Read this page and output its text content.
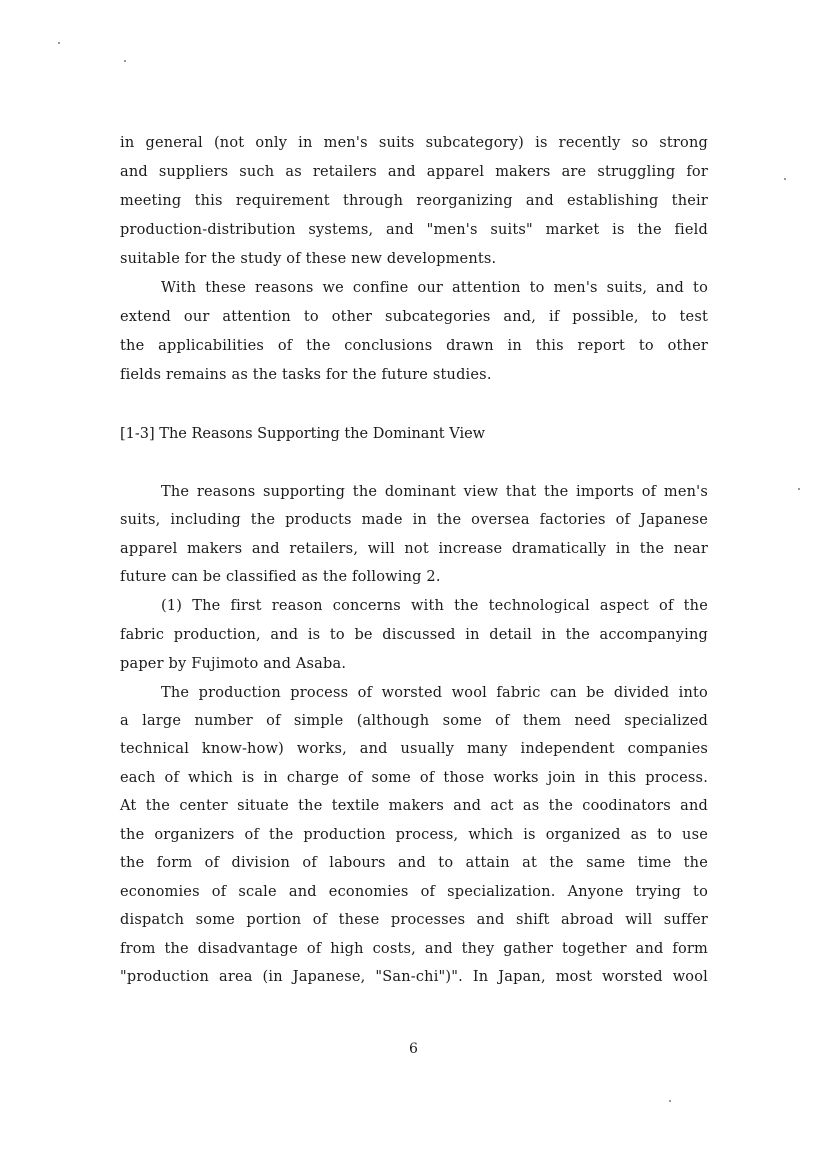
in general (not only in men's suits subcategory) is recently so strong
and suppliers such as retailers and apparel makers are struggling for
meeting this requirement through reorganizing and establishing their
production-distribution systems, and "men's suits" market is the field
suitable for the study of these new developments.
With these reasons we confine our attention to men's suits, and to
extend our attention to other subcategories and, if possible, to test
the applicabilities of the conclusions drawn in this report to other
fields remains as the tasks for the future studies.
[1-3] The Reasons Supporting the Dominant View
The reasons supporting the dominant view that the imports of men's
suits, including the products made in the oversea factories of Japanese
apparel makers and retailers, will not increase dramatically in the near
future can be classified as the following 2.
(1) The first reason concerns with the technological aspect of the
fabric production, and is to be discussed in detail in the accompanying
paper by Fujimoto and Asaba.
The production process of worsted wool fabric can be divided into
a large number of simple (although some of them need specialized
technical know-how) works, and usually many independent companies
each of which is in charge of some of those works join in this process.
At the center situate the textile makers and act as the coodinators and
the organizers of the production process, which is organized as to use
the form of division of labours and to attain at the same time the
economies of scale and economies of specialization. Anyone trying to
dispatch some portion of these processes and shift abroad will suffer
from the disadvantage of high costs, and they gather together and form
"production area (in Japanese, "San-chi")". In Japan, most worsted wool
6
